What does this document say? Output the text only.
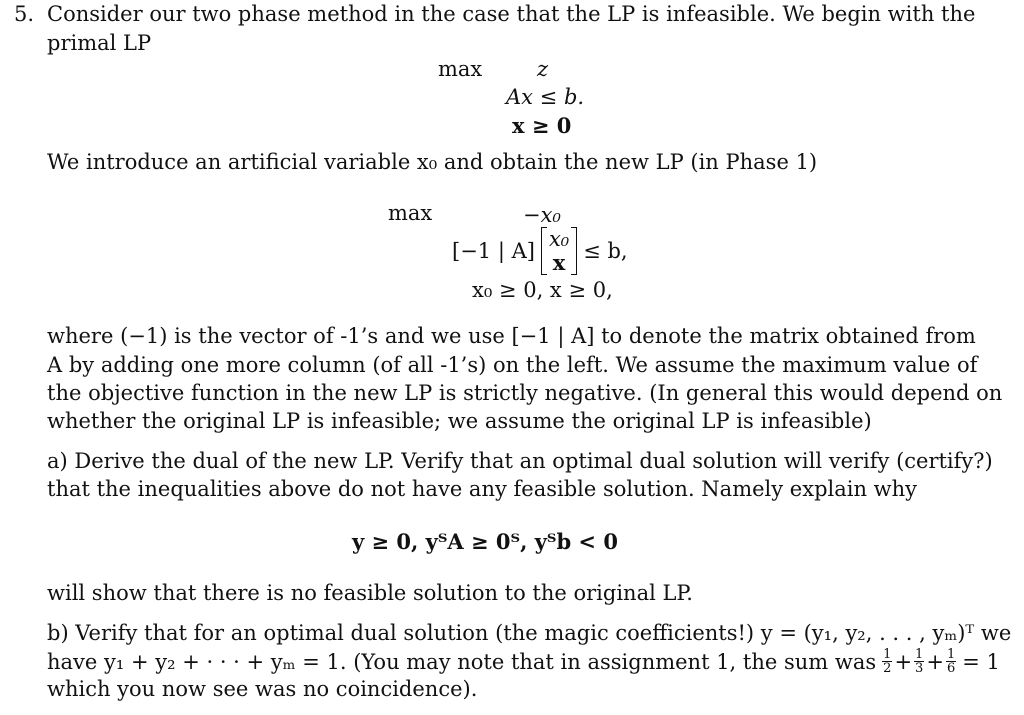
5. Consider our two phase method in the case that the LP is infeasible. We begin with the
primal LP
max	z
Ax ≤ b.
x ≥ 0
We introduce an artificial variable x₀ and obtain the new LP (in Phase 1)
max	−x₀
[−1 | A] x₀
x ≤ b,
x₀ ≥ 0, x ≥ 0,
where (−1) is the vector of -1’s and we use [−1 | A] to denote the matrix obtained from
A by adding one more column (of all -1’s) on the left. We assume the maximum value of
the objective function in the new LP is strictly negative. (In general this would depend on
whether the original LP is infeasible; we assume the original LP is infeasible)
a) Derive the dual of the new LP. Verify that an optimal dual solution will verify (certify?)
that the inequalities above do not have any feasible solution. Namely explain why
y ≥ 0, yᵀA ≥ 0ᵀ, yᵀb < 0
will show that there is no feasible solution to the original LP.
b) Verify that for an optimal dual solution (the magic coefficients!) y = (y₁, y₂, . . . , yₘ)ᵀ we
have y₁ + y₂ + · · · + yₘ = 1. (You may note that in assignment 1, the sum was $\frac{1}{2} + \frac{1}{3} + \frac{1}{6} = 1$
which you now see was no coincidence).
